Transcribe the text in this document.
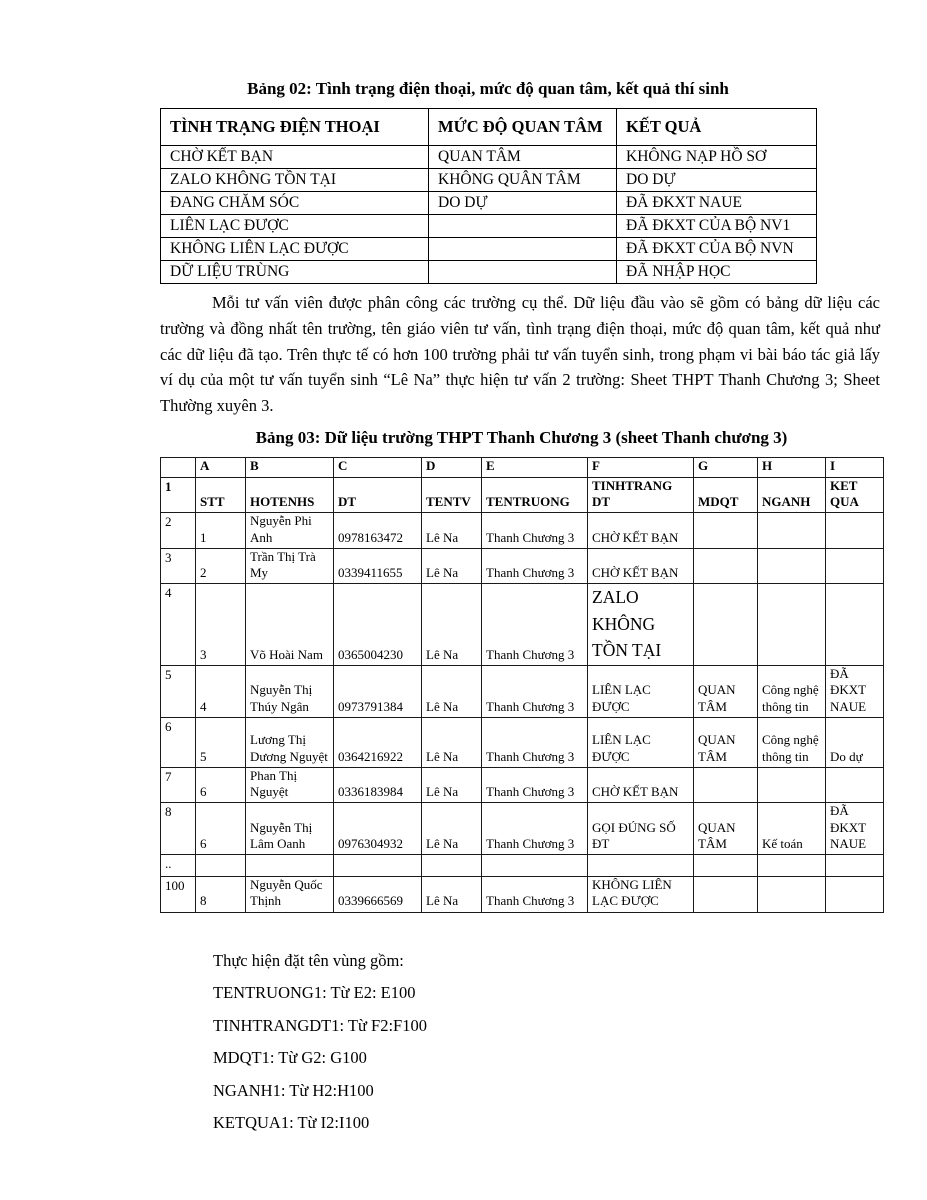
Bảng 02: Tình trạng điện thoại, mức độ quan tâm, kết quả thí sinh
TÌNH TRẠNG ĐIỆN THOẠI	MỨC ĐỘ QUAN TÂM	KẾT QUẢ
CHỜ KẾT BẠN	QUAN TÂM	KHÔNG NẠP HỒ SƠ
ZALO KHÔNG TỒN TẠI	KHÔNG QUÂN TÂM	DO DỰ
ĐANG CHĂM SÓC	DO DỰ	ĐÃ ĐKXT NAUE
LIÊN LẠC ĐƯỢC		ĐÃ ĐKXT CỦA BỘ NV1
KHÔNG LIÊN LẠC ĐƯỢC		ĐÃ ĐKXT CỦA BỘ NVN
DỮ LIỆU TRÙNG		ĐÃ NHẬP HỌC

Mỗi tư vấn viên được phân công các trường cụ thể. Dữ liệu đầu vào sẽ gồm có bảng dữ liệu các trường và đồng nhất tên trường, tên giáo viên tư vấn, tình trạng điện thoại, mức độ quan tâm, kết quả như các dữ liệu đã tạo. Trên thực tế có hơn 100 trường phải tư vấn tuyển sinh, trong phạm vi bài báo tác giả lấy ví dụ của một tư vấn tuyển sinh “Lê Na” thực hiện tư vấn 2 trường: Sheet THPT Thanh Chương 3; Sheet Thường xuyên 3.

Bảng 03: Dữ liệu trường THPT Thanh Chương 3 (sheet Thanh chương 3)
	A	B	C	D	E	F	G	H	I
1	STT	HOTENHS	DT	TENTV	TENTRUONG	TINHTRANG DT	MDQT	NGANH	KET QUA
2	1	Nguyễn Phi Anh	0978163472	Lê Na	Thanh Chương 3	CHỜ KẾT BẠN			
3	2	Trần Thị Trà My	0339411655	Lê Na	Thanh Chương 3	CHỜ KẾT BẠN			
4	3	Võ Hoài Nam	0365004230	Lê Na	Thanh Chương 3	ZALO KHÔNG TỒN TẠI			
5	4	Nguyễn Thị Thúy Ngân	0973791384	Lê Na	Thanh Chương 3	LIÊN LẠC ĐƯỢC	QUAN TÂM	Công nghệ thông tin	ĐÃ ĐKXT NAUE
6	5	Lương Thị Dương Nguyệt	0364216922	Lê Na	Thanh Chương 3	LIÊN LẠC ĐƯỢC	QUAN TÂM	Công nghệ thông tin	Do dự
7	6	Phan Thị Nguyệt	0336183984	Lê Na	Thanh Chương 3	CHỜ KẾT BẠN			
8	6	Nguyễn Thị Lâm Oanh	0976304932	Lê Na	Thanh Chương 3	GỌI ĐÚNG SỐ ĐT	QUAN TÂM	Kế toán	ĐÃ ĐKXT NAUE
..									
100	8	Nguyễn Quốc Thịnh	0339666569	Lê Na	Thanh Chương 3	KHÔNG LIÊN LẠC ĐƯỢC			
Thực hiện đặt tên vùng gồm:
TENTRUONG1: Từ E2: E100
TINHTRANGDT1: Từ F2:F100
MDQT1: Từ G2: G100
NGANH1: Từ H2:H100
KETQUA1: Từ I2:I100
